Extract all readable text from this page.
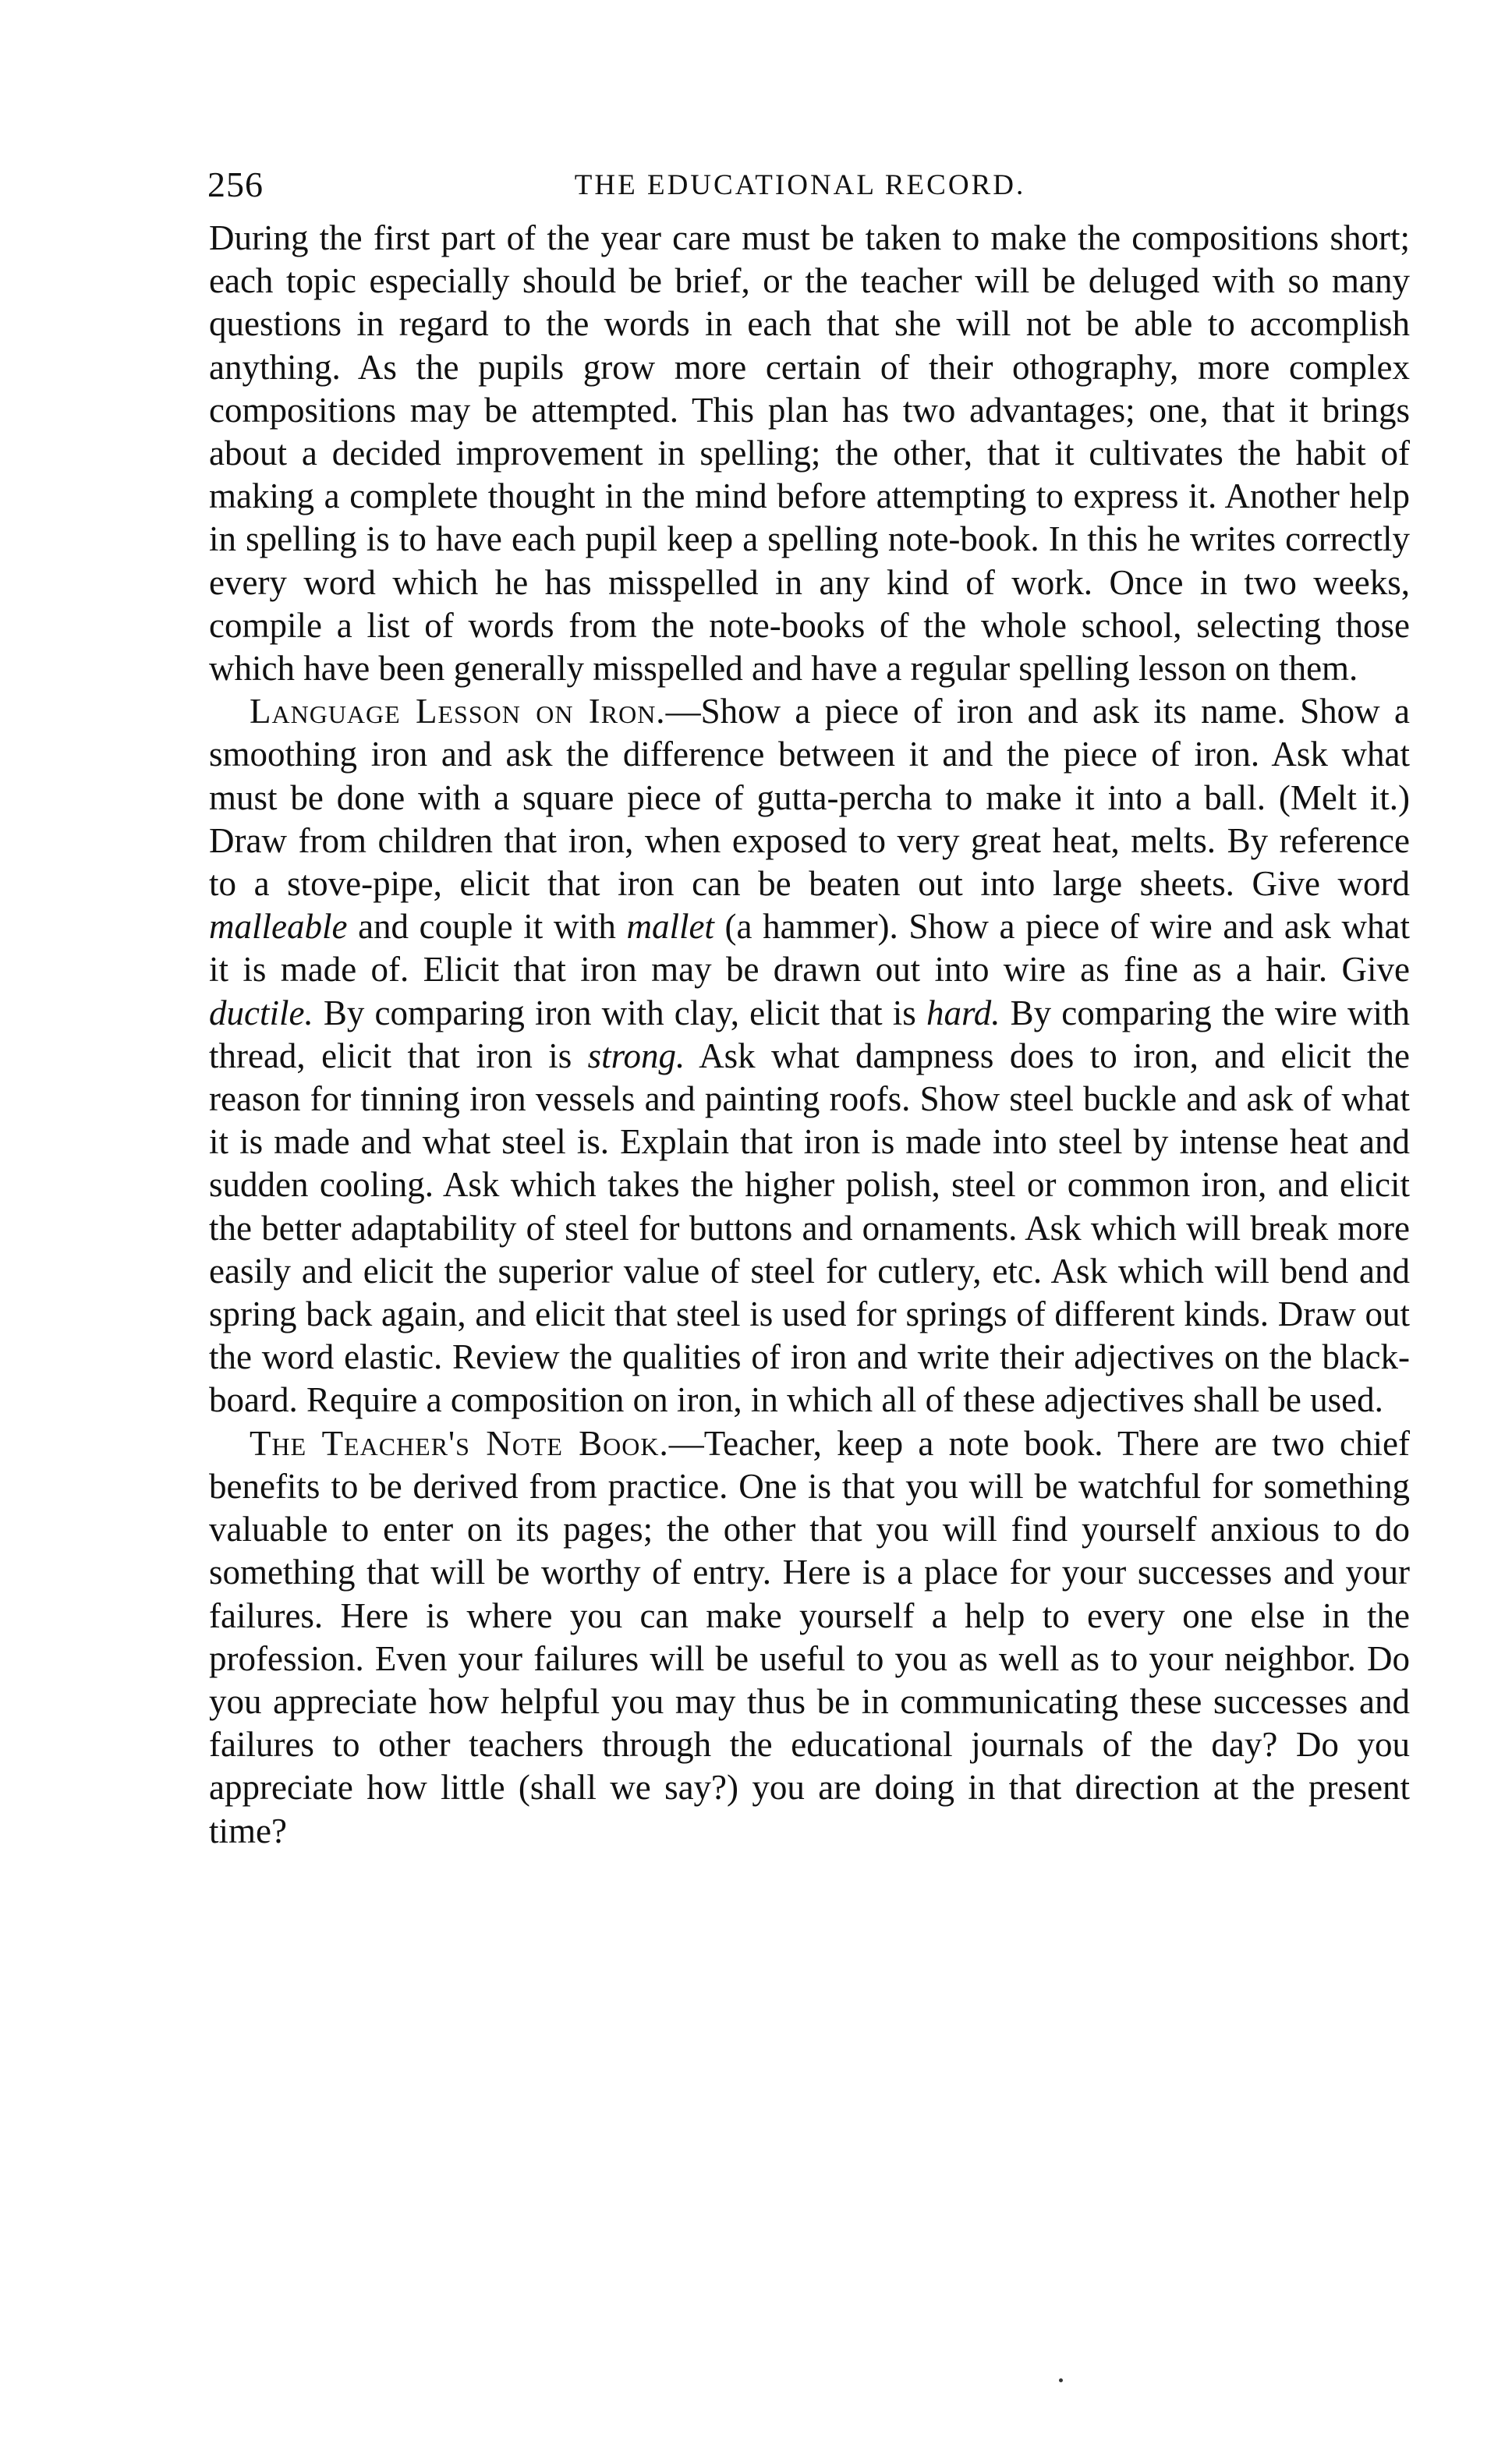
256	THE EDUCATIONAL RECORD.

During the first part of the year care must be taken to make the compositions short; each topic especially should be brief, or the teacher will be deluged with so many questions in regard to the words in each that she will not be able to accomplish anything. As the pupils grow more certain of their othography, more complex compositions may be attempted. This plan has two advantages; one, that it brings about a decided improvement in spelling; the other, that it cultivates the habit of making a complete thought in the mind before attempting to express it. Another help in spelling is to have each pupil keep a spelling note-book. In this he writes correctly every word which he has misspelled in any kind of work. Once in two weeks, compile a list of words from the note-books of the whole school, selecting those which have been generally misspelled and have a regular spelling lesson on them.

Language Lesson on Iron.—Show a piece of iron and ask its name. Show a smoothing iron and ask the difference between it and the piece of iron. Ask what must be done with a square piece of gutta-percha to make it into a ball. (Melt it.) Draw from children that iron, when exposed to very great heat, melts. By reference to a stove-pipe, elicit that iron can be beaten out into large sheets. Give word malleable and couple it with mallet (a hammer). Show a piece of wire and ask what it is made of. Elicit that iron may be drawn out into wire as fine as a hair. Give ductile. By comparing iron with clay, elicit that is hard. By comparing the wire with thread, elicit that iron is strong. Ask what dampness does to iron, and elicit the reason for tinning iron vessels and painting roofs. Show steel buckle and ask of what it is made and what steel is. Explain that iron is made into steel by intense heat and sudden cooling. Ask which takes the higher polish, steel or common iron, and elicit the better adaptability of steel for buttons and ornaments. Ask which will break more easily and elicit the superior value of steel for cutlery, etc. Ask which will bend and spring back again, and elicit that steel is used for springs of different kinds. Draw out the word elastic. Review the qualities of iron and write their adjectives on the black-board. Require a composition on iron, in which all of these adjectives shall be used.

The Teacher's Note Book.—Teacher, keep a note book. There are two chief benefits to be derived from practice. One is that you will be watchful for something valuable to enter on its pages; the other that you will find yourself anxious to do something that will be worthy of entry. Here is a place for your successes and your failures. Here is where you can make yourself a help to every one else in the profession. Even your failures will be useful to you as well as to your neighbor. Do you appreciate how helpful you may thus be in communicating these successes and failures to other teachers through the educational journals of the day? Do you appreciate how little (shall we say?) you are doing in that direction at the present time?
